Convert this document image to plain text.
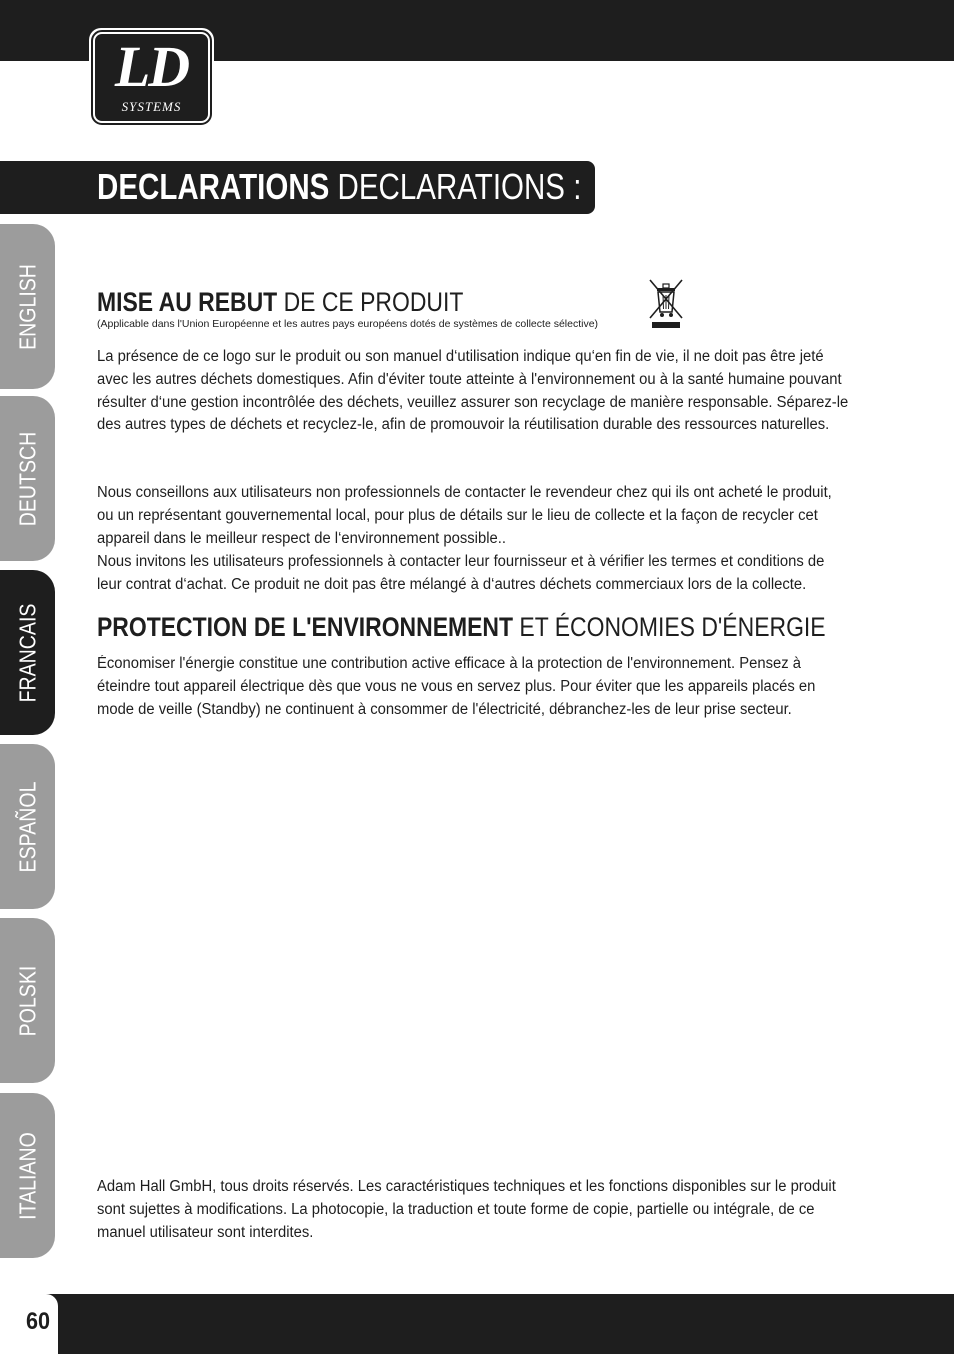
LD
SYSTEMS
DECLARATIONS DECLARATIONS :
ENGLISH
DEUTSCH
FRANCAIS
ESPAÑOL
POLSKI
ITALIANO
MISE AU REBUT DE CE PRODUIT
(Applicable dans l'Union Européenne et les autres pays européens dotés de systèmes de collecte sélective)

La présence de ce logo sur le produit ou son manuel d‘utilisation indique qu‘en fin de vie, il ne doit pas être jeté avec les autres déchets domestiques. Afin d'éviter toute atteinte à l'environnement ou à la santé humaine pouvant résulter d‘une gestion incontrôlée des déchets, veuillez assurer son recyclage de manière responsable. Séparez-le des autres types de déchets et recyclez-le, afin de promouvoir la réutilisation durable des ressources naturelles.

Nous conseillons aux utilisateurs non professionnels de contacter le revendeur chez qui ils ont acheté le produit, ou un représentant gouvernemental local, pour plus de détails sur le lieu de collecte et la façon de recycler cet appareil dans le meilleur respect de l‘environnement possible..

Nous invitons les utilisateurs professionnels à contacter leur fournisseur et à vérifier les termes et conditions de leur contrat d‘achat. Ce produit ne doit pas être mélangé à d‘autres déchets commerciaux lors de la collecte.

PROTECTION DE L'ENVIRONNEMENT ET ÉCONOMIES D'ÉNERGIE

Économiser l'énergie constitue une contribution active efficace à la protection de l'environnement. Pensez à éteindre tout appareil électrique dès que vous ne vous en servez plus. Pour éviter que les appareils placés en mode de veille (Standby) ne continuent à consommer de l'électricité, débranchez-les de leur prise secteur.

Adam Hall GmbH, tous droits réservés. Les caractéristiques techniques et les fonctions disponibles sur le produit sont sujettes à modifications. La photocopie, la traduction et toute forme de copie, partielle ou intégrale, de ce manuel utilisateur sont interdites.

60
